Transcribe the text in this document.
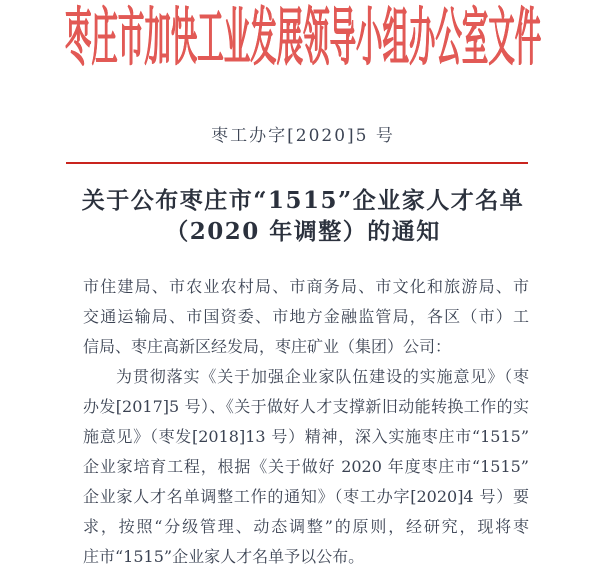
枣庄市加快工业发展领导小组办公室文件
枣工办字[2020]5 号
关于公布枣庄市“1515”企业家人才名单
（2020 年调整）的通知
市住建局、市农业农村局、市商务局、市文化和旅游局、市
交通运输局、市国资委、市地方金融监管局，各区（市）工
信局、枣庄高新区经发局，枣庄矿业（集团）公司：
为贯彻落实《关于加强企业家队伍建设的实施意见》（枣
办发[2017]5 号）、《关于做好人才支撑新旧动能转换工作的实
施意见》（枣发[2018]13 号）精神，深入实施枣庄市“1515”
企业家培育工程，根据《关于做好 2020 年度枣庄市“1515”
企业家人才名单调整工作的通知》（枣工办字[2020]4 号）要
求，按照“分级管理、动态调整”的原则，经研究，现将枣
庄市“1515”企业家人才名单予以公布。
